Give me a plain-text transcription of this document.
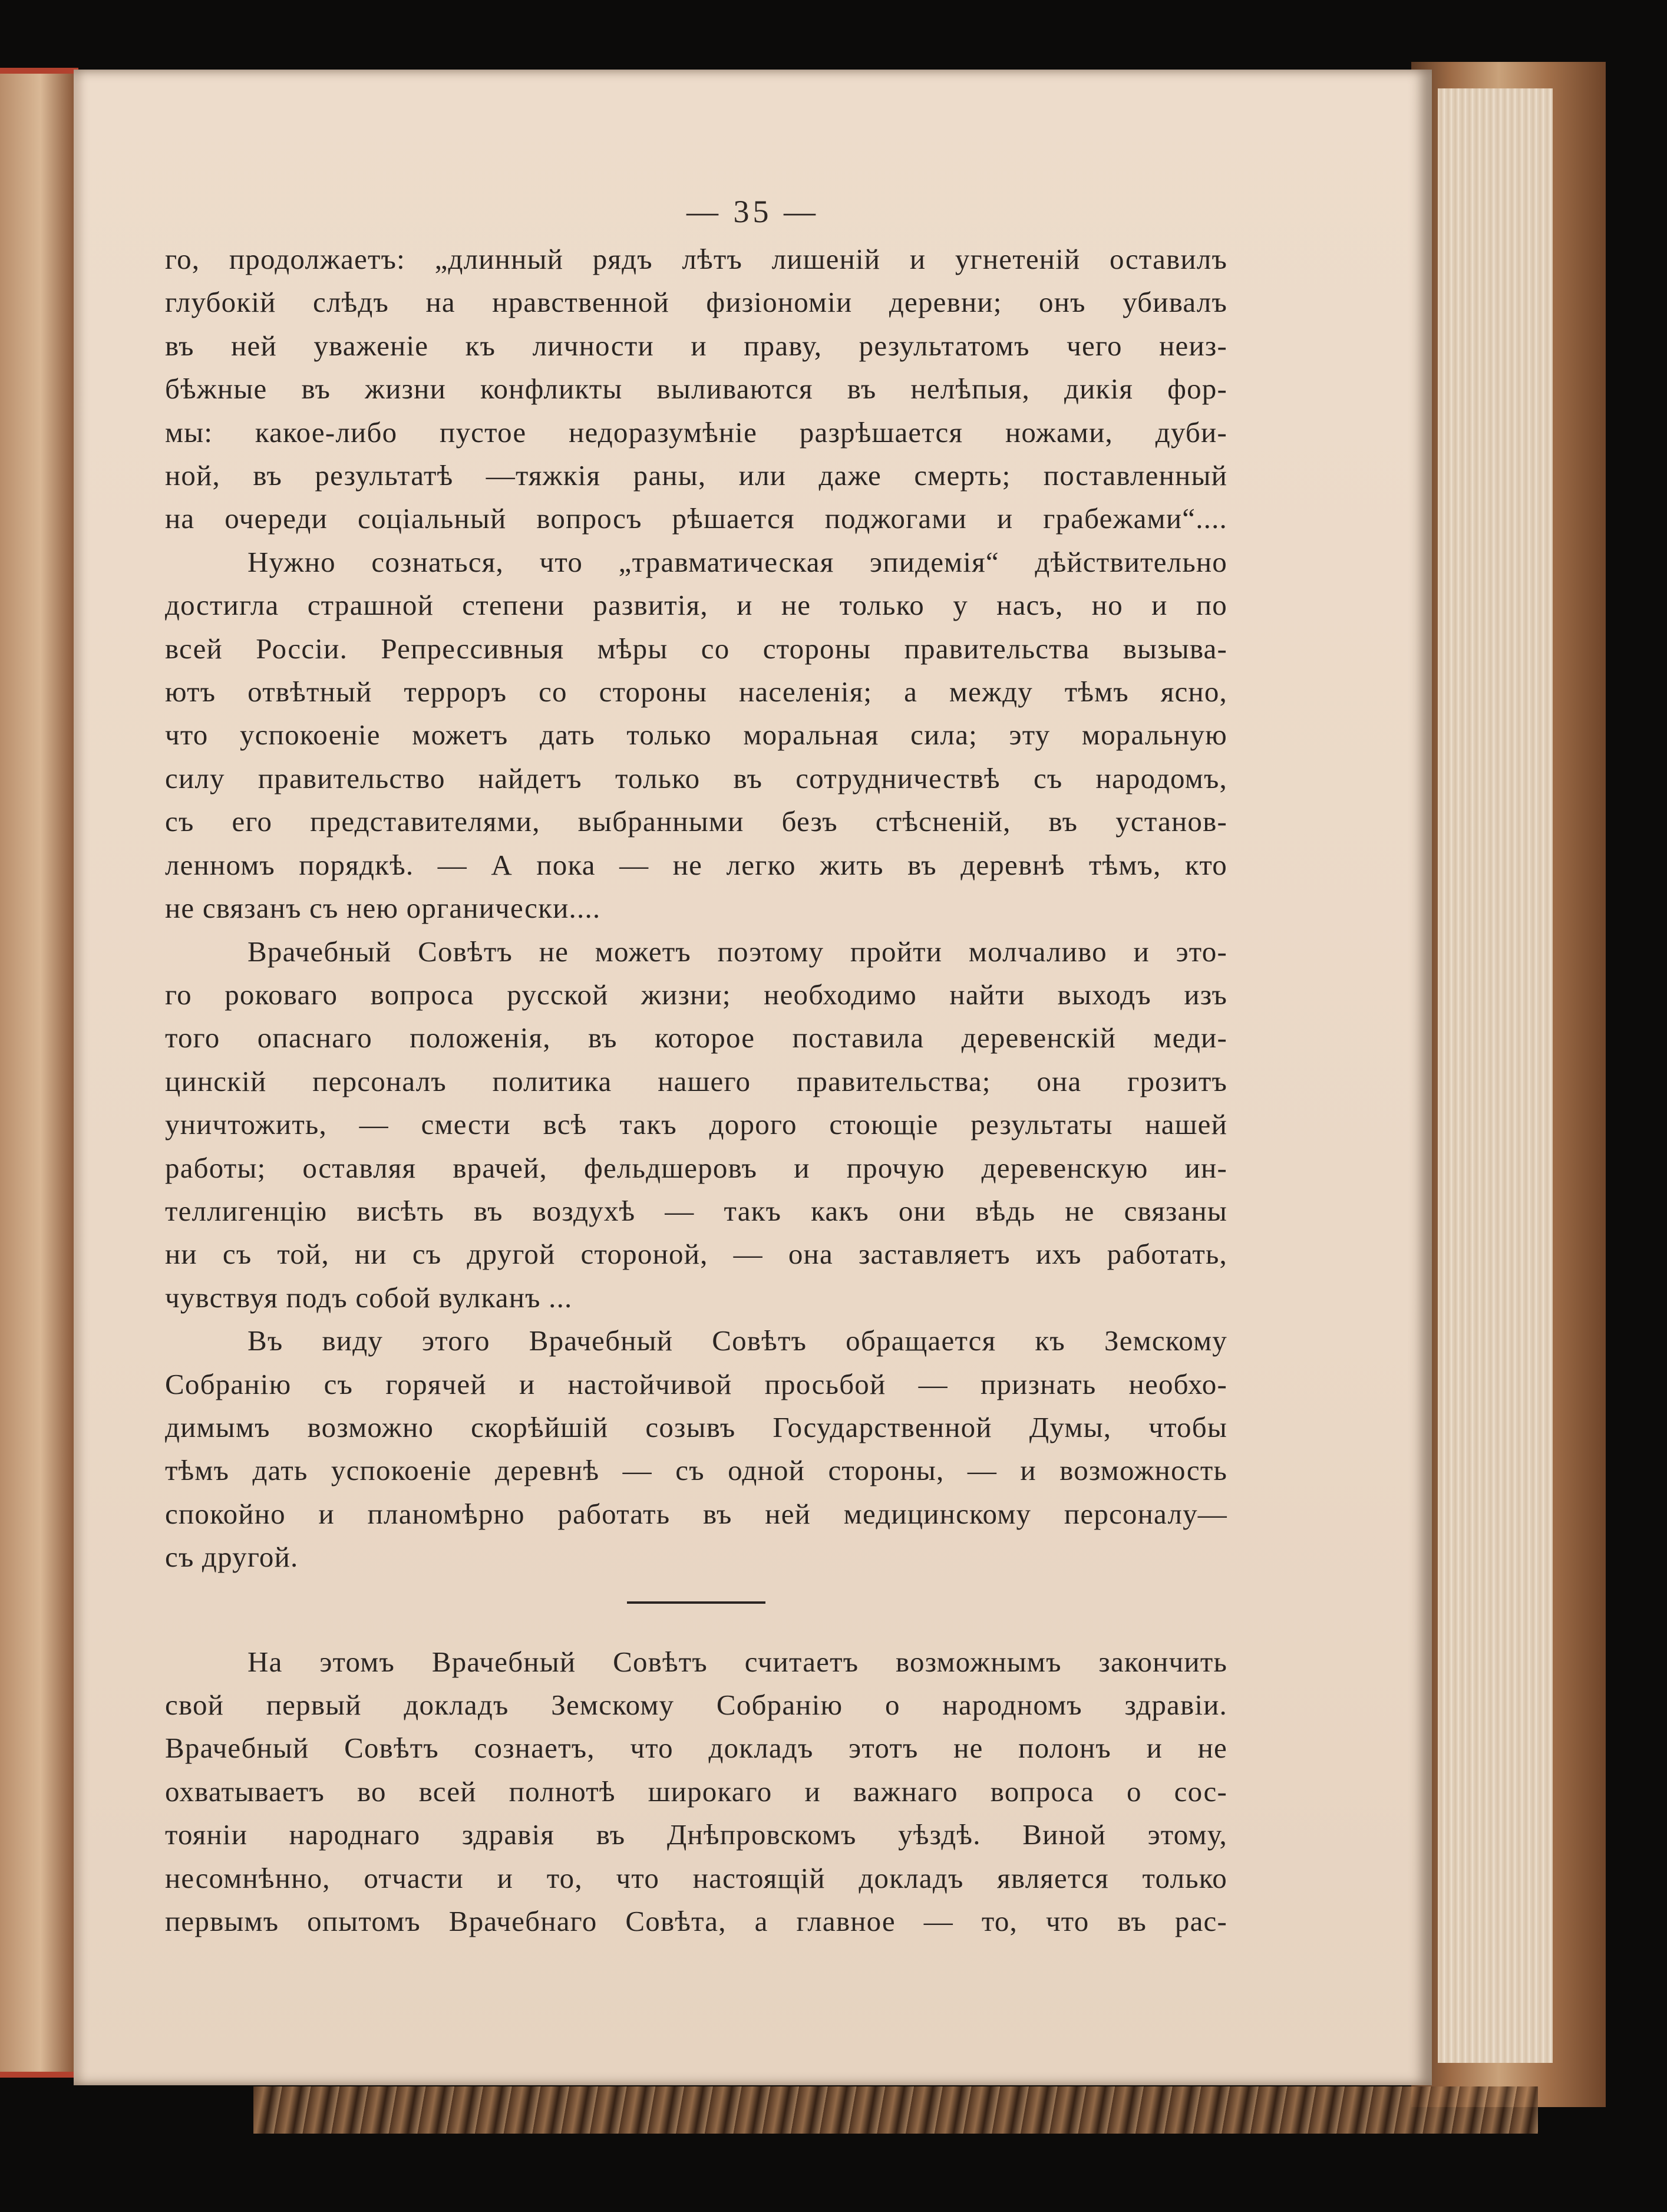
— 35 —
го, продолжаетъ: „длинный рядъ лѣтъ лишеній и угнетеній оставилъ
глубокій слѣдъ на нравственной физіономіи деревни; онъ убивалъ
въ ней уваженіе къ личности и праву, результатомъ чего неиз-
бѣжные въ жизни конфликты выливаются въ нелѣпыя, дикія фор-
мы: какое-либо пустое недоразумѣніе разрѣшается ножами, дуби-
ной, въ результатѣ —тяжкія раны, или даже смерть; поставленный
на очереди соціальный вопросъ рѣшается поджогами и грабежами“....
Нужно сознаться, что „травматическая эпидемія“ дѣйствительно
достигла страшной степени развитія, и не только у насъ, но и по
всей Россіи. Репрессивныя мѣры со стороны правительства вызыва-
ютъ отвѣтный терроръ со стороны населенія; а между тѣмъ ясно,
что успокоеніе можетъ дать только моральная сила; эту моральную
силу правительство найдетъ только въ сотрудничествѣ съ народомъ,
съ его представителями, выбранными безъ стѣсненій, въ установ-
ленномъ порядкѣ. — А пока — не легко жить въ деревнѣ тѣмъ, кто
не связанъ съ нею органически....
Врачебный Совѣтъ не можетъ поэтому пройти молчаливо и это-
го роковаго вопроса русской жизни; необходимо найти выходъ изъ
того опаснаго положенія, въ которое поставила деревенскій меди-
цинскій персоналъ политика нашего правительства; она грозитъ
уничтожить, — смести всѣ такъ дорого стоющіе результаты нашей
работы; оставляя врачей, фельдшеровъ и прочую деревенскую ин-
теллигенцію висѣть въ воздухѣ — такъ какъ они вѣдь не связаны
ни съ той, ни съ другой стороной, — она заставляетъ ихъ работать,
чувствуя подъ собой вулканъ ...
Въ виду этого Врачебный Совѣтъ обращается къ Земскому
Собранію съ горячей и настойчивой просьбой — признать необхо-
димымъ возможно скорѣйшій созывъ Государственной Думы, чтобы
тѣмъ дать успокоеніе деревнѣ — съ одной стороны, — и возможность
спокойно и планомѣрно работать въ ней медицинскому персоналу—
съ другой.
На этомъ Врачебный Совѣтъ считаетъ возможнымъ закончить
свой первый докладъ Земскому Собранію о народномъ здравіи.
Врачебный Совѣтъ сознаетъ, что докладъ этотъ не полонъ и не
охватываетъ во всей полнотѣ широкаго и важнаго вопроса о сос-
тояніи народнаго здравія въ Днѣпровскомъ уѣздѣ. Виной этому,
несомнѣнно, отчасти и то, что настоящій докладъ является только
первымъ опытомъ Врачебнаго Совѣта, а главное — то, что въ рас-
